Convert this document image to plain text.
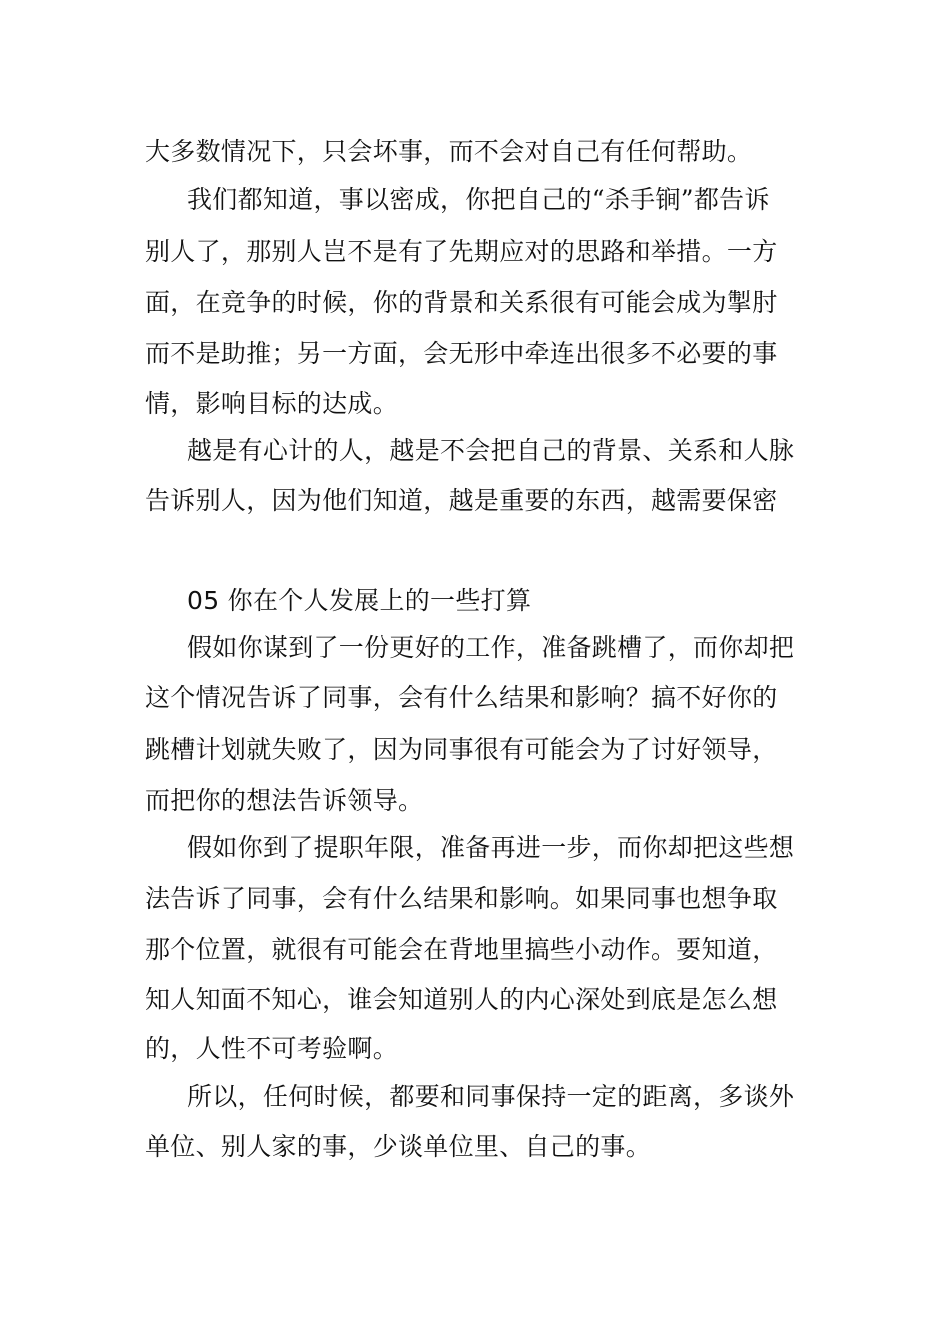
大多数情况下，只会坏事，而不会对自己有任何帮助。
我们都知道，事以密成，你把自己的“杀手锏”都告诉
别人了，那别人岂不是有了先期应对的思路和举措。一方
面，在竞争的时候，你的背景和关系很有可能会成为掣肘
而不是助推；另一方面，会无形中牵连出很多不必要的事
情，影响目标的达成。
越是有心计的人，越是不会把自己的背景、关系和人脉
告诉别人，因为他们知道，越是重要的东西，越需要保密
05 你在个人发展上的一些打算
假如你谋到了一份更好的工作，准备跳槽了，而你却把
这个情况告诉了同事，会有什么结果和影响？搞不好你的
跳槽计划就失败了，因为同事很有可能会为了讨好领导，
而把你的想法告诉领导。
假如你到了提职年限，准备再进一步，而你却把这些想
法告诉了同事，会有什么结果和影响。如果同事也想争取
那个位置，就很有可能会在背地里搞些小动作。要知道，
知人知面不知心，谁会知道别人的内心深处到底是怎么想
的，人性不可考验啊。
所以，任何时候，都要和同事保持一定的距离，多谈外
单位、别人家的事，少谈单位里、自己的事。
